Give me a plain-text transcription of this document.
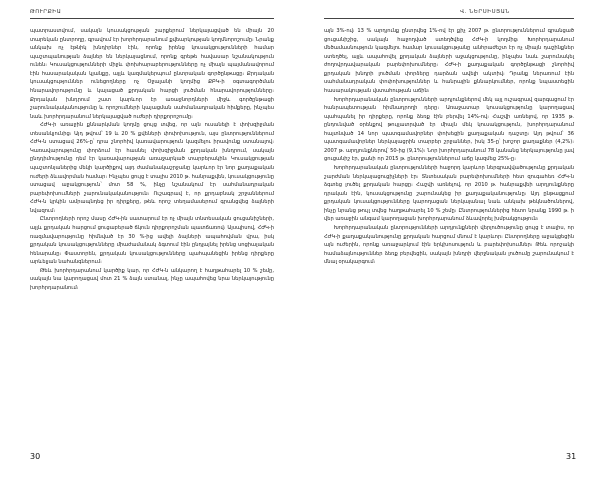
ԹՈՒՐՔԻԱ

պատրաստվում, սակայն կուսակցության շարքերում ներկայացված են միայն 20 տարեկան ընտրողը, գրավում էր խորհրդարանում քվեարկության կողմնորոշումը։ Նրանք անկախ ոչ էթնիկ խնդիրներ էին, որոնք իրենց կուսակցությունների համար պաշտպանության ձայներ են ներկայացնում, որոնք գրեթե հավասար նշանակություն ունեն։ Կուսակցությունների միջև փոխհարաբերությունները ոչ միայն պայմանավորում էին հասարակական կյանքը, այլև կազմակերպում ընտրական գործընթացը։ Քրդական կուսակցություններ ունեցողները ոչ Օջալանի կողմից ՔԲԿ-ի օգտագործման հնարավորությունը և կայացած քրդական հարցի լուծման հնարավորությունները։ Քրդական խնդրում շատ կարևոր էր առաջնորդների միջև գործընթացի շարունակականությունը և որոշումների կայացման սահմանադրական հիմքերը, ինչպես նաև խորհրդարանում ներկայացված ուժերի դիրքորոշումը։

ՀԺԿ-ի առաջին քննարկման կողմը ցույց տվեց, որ այն ուսանելի է փոխզիջման տեսանկյունից։ Այդ թվում՝ 19 և 20 % քվեների փոփոխություն, այս ընտրություններում ՀԺԿ-ն ստացավ 26%-ը՝ դրա շնորհիվ կառավարություն կազմելու իրավունք ստանալով։ Կառավարությունը փորձում էր հասնել փոխզիջման քրդական խնդրում, սակայն ընդդիմությունը դեմ էր կառավարության առաջարկած տարբերակին։ Կուսակցության պաշտոնյաներից մեկի կարծիքով այդ ժամանակաշրջանը կարևոր էր նոր քաղաքական ուժերի ձևավորման համար։ Ինչպես ցույց է տալիս 2010 թ. հանրաքվեն, կուսակցությունը ստացավ աջակցություն՝ մոտ 58 %, ինչը նշանակում էր սահմանադրական բարեփոխումների շարունակականություն։ Ուշագրավ է, որ քրդաբնակ շրջաններում ՀԺԿ-ն կրկին ամրապնդեց իր դիրքերը, թեև որոշ տեղամասերում գրանցվեց ձայների նվազում։

Ընտրողների որոշ մասը ՀԺԿ-ին սատարում էր ոչ միայն տնտեսական ցուցանիշների, այլև քրդական հարցում ցուցաբերած ճկուն դիրքորոշման պատճառով։ Այսպիսով, ՀԺԿ-ի ռազմավարությունը հիմնված էր 30 %-ից ավելի ձայների ապահովման վրա, իսկ քրդական կուսակցությունները միաժամանակ ձգտում էին ընդլայնել իրենց սոցիալական հենարանը։ Փաստորեն, քրդական կուսակցությունները պահպանեցին իրենց դիրքերը արևելյան նահանգներում։

Թեև խորհրդարանում կարծիք կար, որ ՀԺԿ-ն անկարող է հաղթահարել 10 % շեմը, սակայն նա կարողացավ մոտ 21 % ձայն ստանալ, ինչը ապահովեց նրա ներկայությունը խորհրդարանում։

30
Վ. ՆԵՐՍԻՍՅԱՆ

այն 3%-ով։ 13 % արդյունք ընտրվեց 1%-ով էր քիչ 2007 թ. ընտրություններում գրանցած ցուցանիշից, սակայն հաջողված ստեղծվեց ՀԺԿ-ի կողմից։ Խորհրդարանում մեծամասնություն կազմելու համար կուսակցությանը անհրաժեշտ էր ոչ միայն դաշինքներ ստեղծել, այլև ապահովել քրդական ձայների աջակցությունը, ինչպես նաև շարունակել ժողովրդավարական բարեփոխումները։ ՀԺԿ-ի քաղաքական գործընթացի շնորհիվ քրդական խնդրի լուծման փորձերը դարձան ավելի ակտիվ։ Դրանք ներառում էին սահմանադրական փոփոխություններ և հանրային քննարկումներ, որոնք նպաստեցին հասարակության վստահության աճին։

Խորհրդարանական ընտրությունների արդյունքներով մեկ այլ ուշագրավ զարգացում էր հանրապետության հիմնադրողի դերը։ Առաջատար կուսակցությունը կարողացավ պահպանել իր դիրքերը, որոնք ձեռք էին բերվել 14%-ով։ Հաշվի առնելով, որ 1935 թ. ընդունված օրենքով թույլատրված էր միայն մեկ կուսակցություն, խորհրդարանում հայտնված 14 նոր պատգամավորներ փոխեցին քաղաքական դաշտը։ Այդ թվում՝ 36 պատգամավորներ ներկայացրին տարբեր շրջաններ, իսկ 35-ը՝ խոշոր քաղաքներ (4,2%)։ 2007 թ. արդյունքներով՝ 50-ից (9,1%)։ Նոր խորհրդարանում 78 կանանց ներկայությունը լավ ցուցանիշ էր, քանի որ 2015 թ. ընտրություններում աճը կազմեց 25%-ը։

Խորհրդարանական ընտրությունների հաջորդ կարևոր ներգրավվածությունը քրդական շարժման ներկայացուցիչների էր։ Տնտեսական բարեփոխումների հետ զուգահեռ ՀԺԿ-ն ձգտեց լուծել քրդական հարցը։ Հաշվի առնելով, որ 2010 թ. հանրաքվեի արդյունքները դրական էին, կուսակցությունը շարունակեց իր քաղաքականությունը։ Այդ ընթացքում քրդական կուսակցությունները կարողացան ներկայանալ նաև անկախ թեկնածուներով, ինչը նրանց թույլ տվեց հաղթահարել 10 % շեմը։ Ընտրություններից հետո նրանք 1990 թ. ի վեր առաջին անգամ կարողացան խորհրդարանում ձևավորել խմբակցություն։

Խորհրդարանական ընտրությունների արդյունքների վերլուծությունը ցույց է տալիս, որ ՀԺԿ-ի քաղաքականությունը քրդական հարցում մնում է կարևոր։ Ընտրողները աջակցեցին այն ուժերին, որոնք առաջարկում էին երկխոսություն և բարեփոխումներ։ Թեև որոշակի համաձայնություններ ձեռք բերվեցին, սակայն խնդրի վերջնական լուծումը շարունակում է մնալ օրակարգում։

31
